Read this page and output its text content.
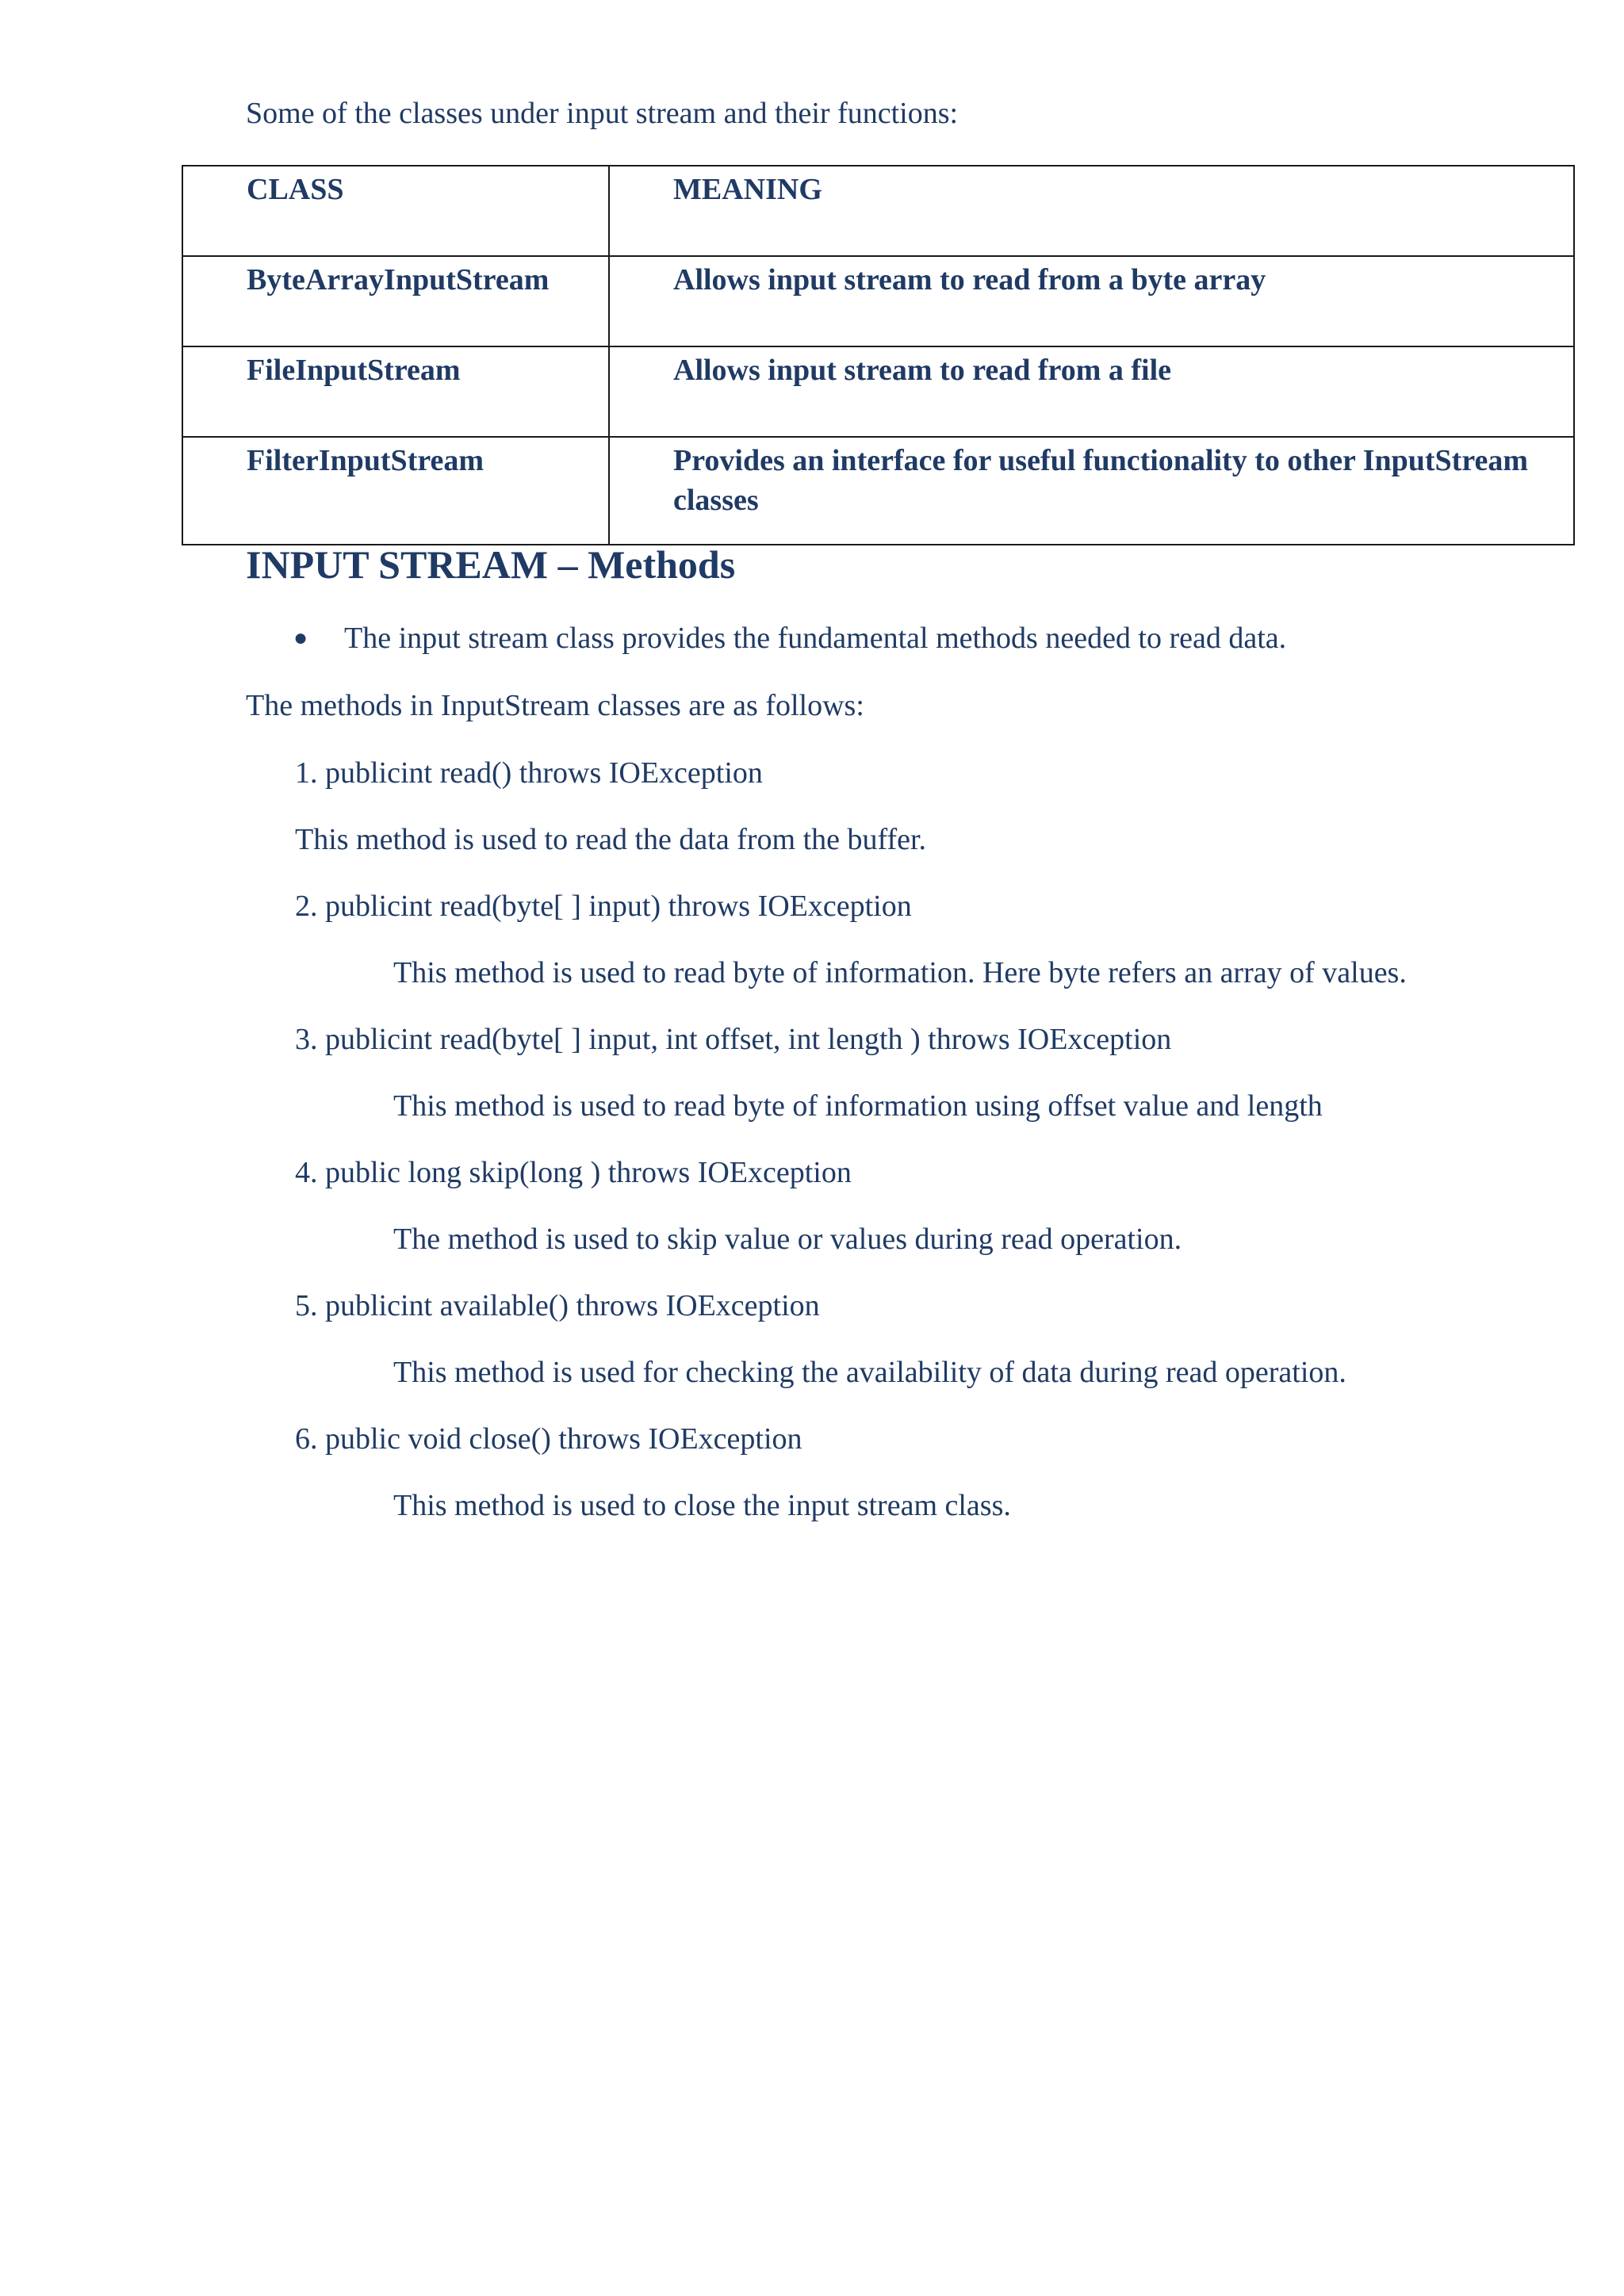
Some of the classes under input stream and their functions:

CLASS	MEANING
ByteArrayInputStream	Allows input stream to read from a byte array
FileInputStream	Allows input stream to read from a file
FilterInputStream	Provides an interface for useful functionality to other InputStream classes
INPUT STREAM – Methods
●	The input stream class provides the fundamental methods needed to read data.

The methods in InputStream classes are as follows:

1. publicint read() throws IOException
This method is used to read the data from the buffer.
2. publicint read(byte[ ] input) throws IOException
This method is used to read byte of information. Here byte refers an array of values.
3. publicint read(byte[ ] input, int offset, int length ) throws IOException
This method is used to read byte of information using offset value and length
4. public long skip(long ) throws IOException
The method is used to skip value or values during read operation.
5. publicint available() throws IOException
This method is used for checking the availability of data during read operation.
6. public void close() throws IOException
This method is used to close the input stream class.
